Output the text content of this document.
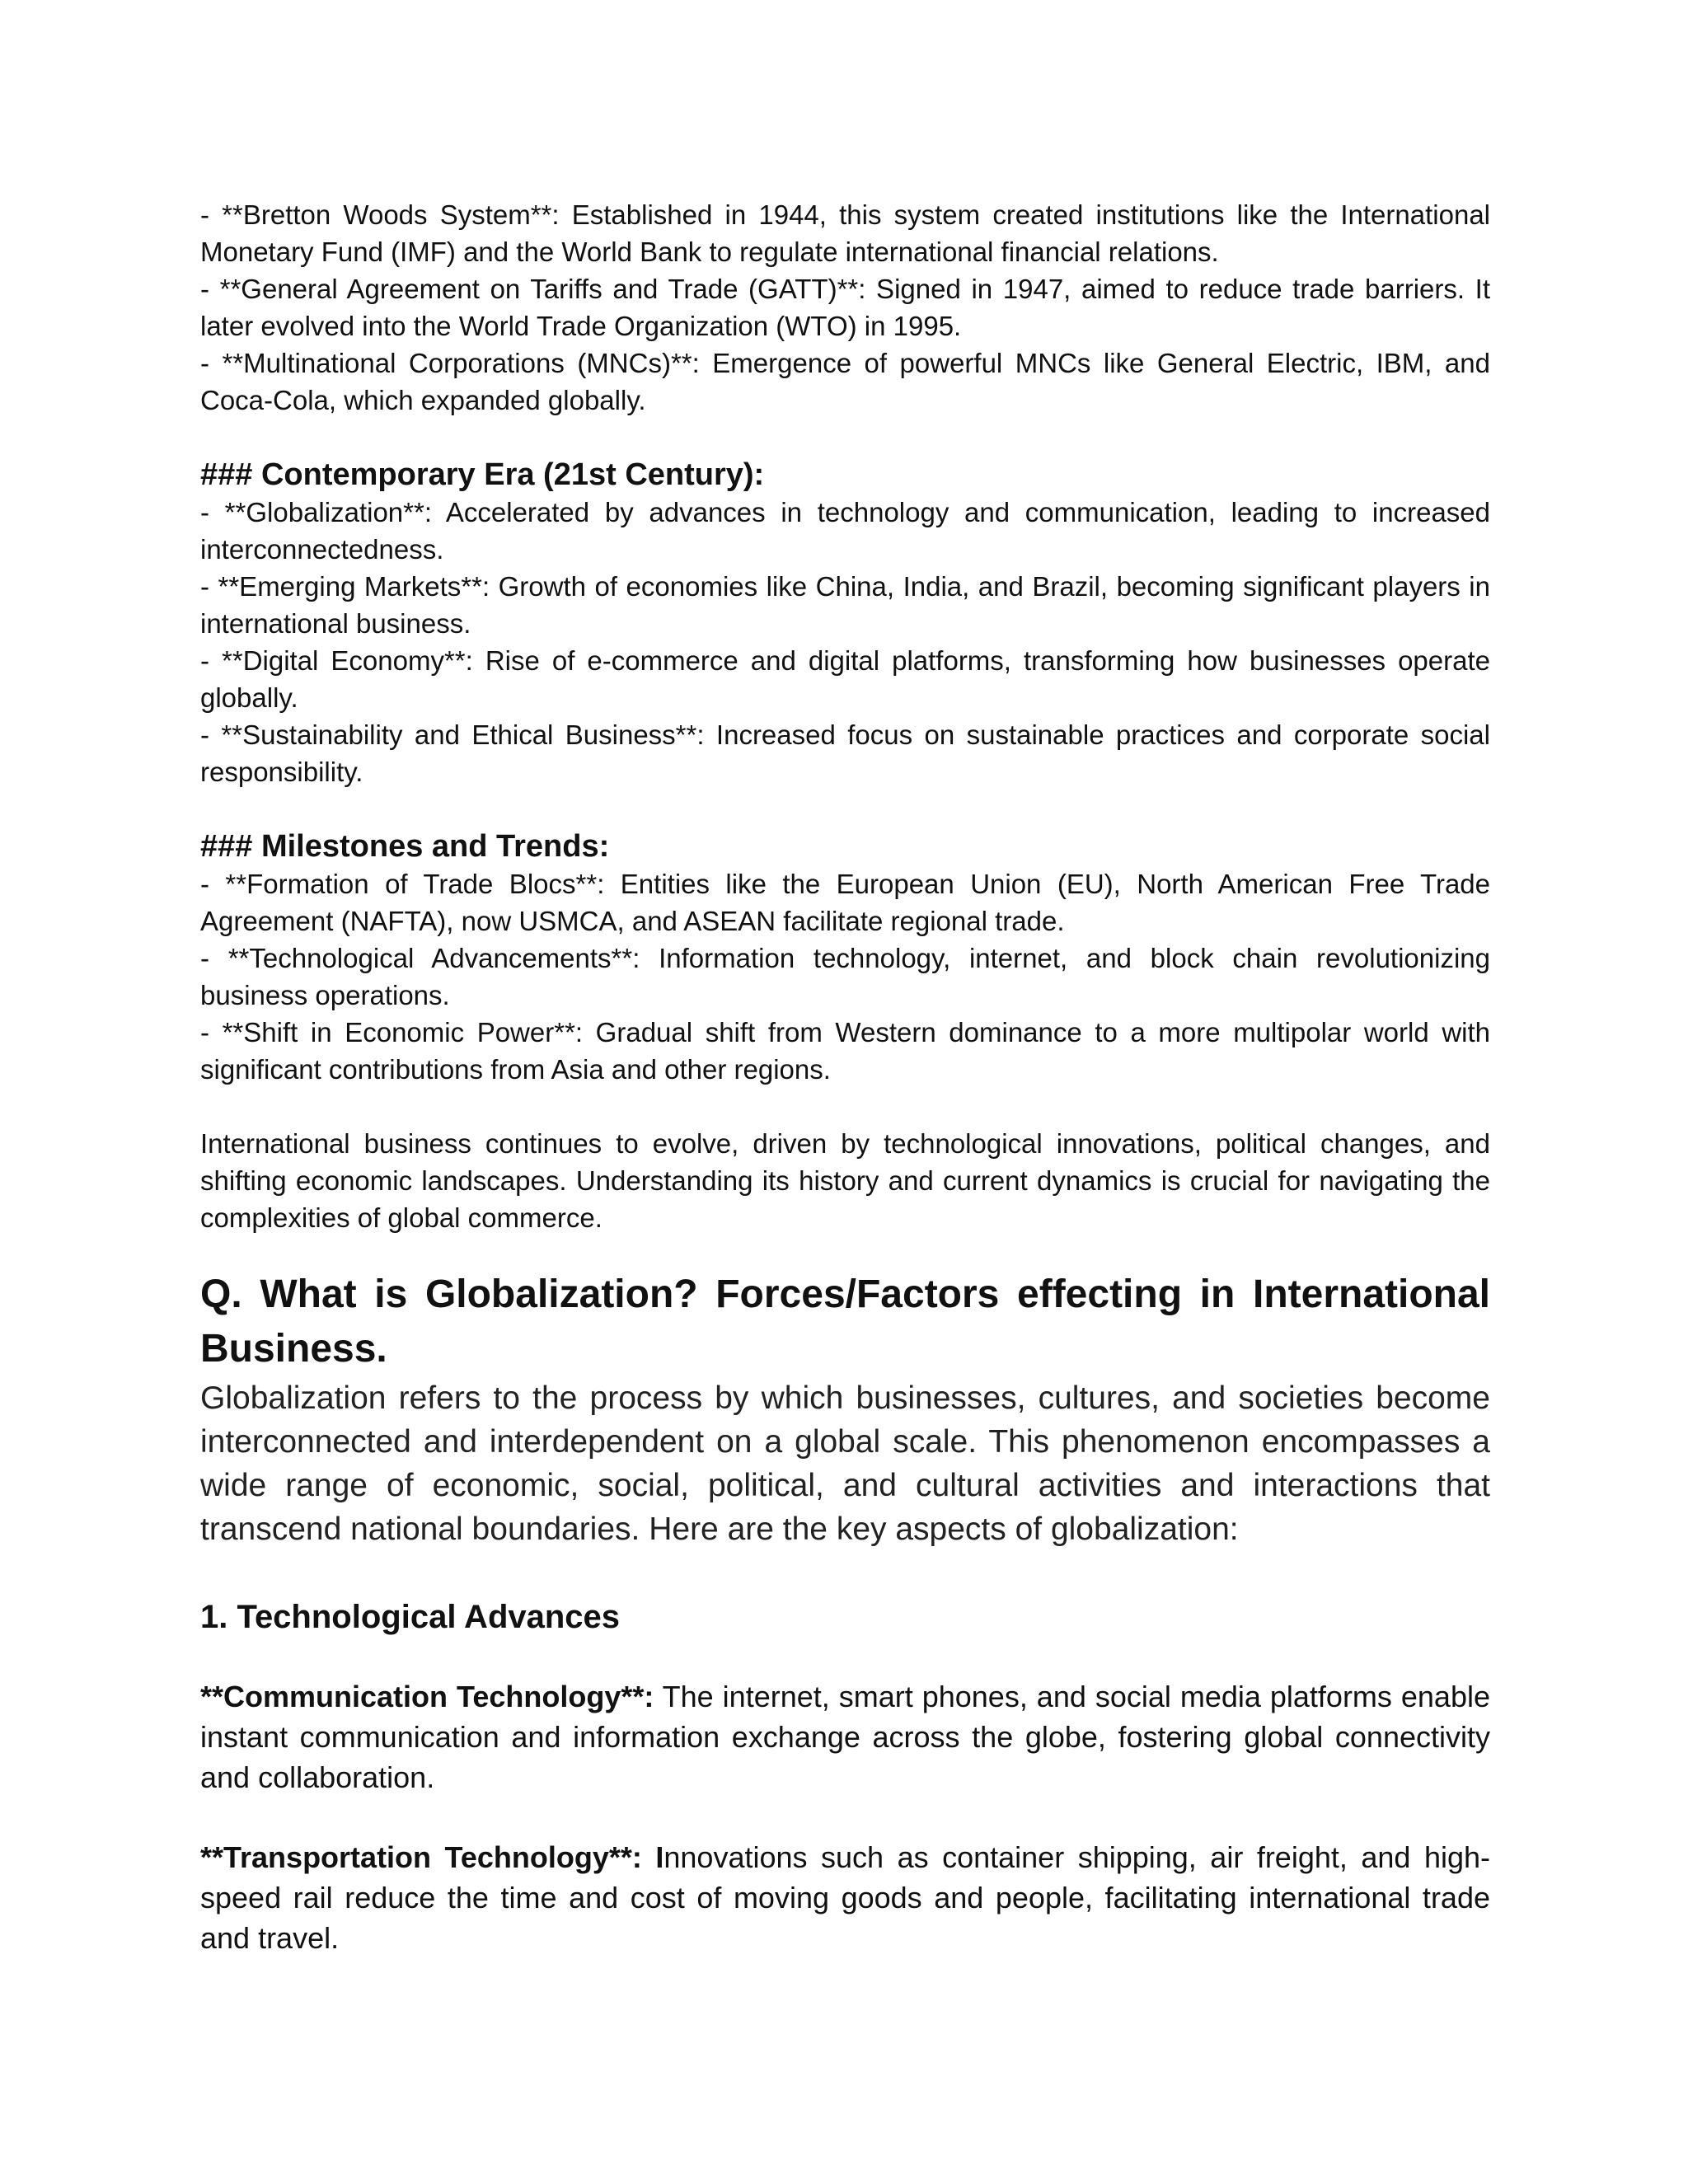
- **Bretton Woods System**: Established in 1944, this system created institutions like the International Monetary Fund (IMF) and the World Bank to regulate international financial relations.

- **General Agreement on Tariffs and Trade (GATT)**: Signed in 1947, aimed to reduce trade barriers. It later evolved into the World Trade Organization (WTO) in 1995.

- **Multinational Corporations (MNCs)**: Emergence of powerful MNCs like General Electric, IBM, and Coca-Cola, which expanded globally.

### Contemporary Era (21st Century):

- **Globalization**: Accelerated by advances in technology and communication, leading to increased interconnectedness.

- **Emerging Markets**: Growth of economies like China, India, and Brazil, becoming significant players in international business.

- **Digital Economy**: Rise of e-commerce and digital platforms, transforming how businesses operate globally.

- **Sustainability and Ethical Business**: Increased focus on sustainable practices and corporate social responsibility.

### Milestones and Trends:

- **Formation of Trade Blocs**: Entities like the European Union (EU), North American Free Trade Agreement (NAFTA), now USMCA, and ASEAN facilitate regional trade.

- **Technological Advancements**: Information technology, internet, and block chain revolutionizing business operations.

- **Shift in Economic Power**: Gradual shift from Western dominance to a more multipolar world with significant contributions from Asia and other regions.

International business continues to evolve, driven by technological innovations, political changes, and shifting economic landscapes. Understanding its history and current dynamics is crucial for navigating the complexities of global commerce.

Q. What is Globalization? Forces/Factors effecting in International Business.

Globalization refers to the process by which businesses, cultures, and societies become interconnected and interdependent on a global scale. This phenomenon encompasses a wide range of economic, social, political, and cultural activities and interactions that transcend national boundaries. Here are the key aspects of globalization:

1. Technological Advances

**Communication Technology**: The internet, smart phones, and social media platforms enable instant communication and information exchange across the globe, fostering global connectivity and collaboration.

**Transportation Technology**: Innovations such as container shipping, air freight, and high-speed rail reduce the time and cost of moving goods and people, facilitating international trade and travel.
